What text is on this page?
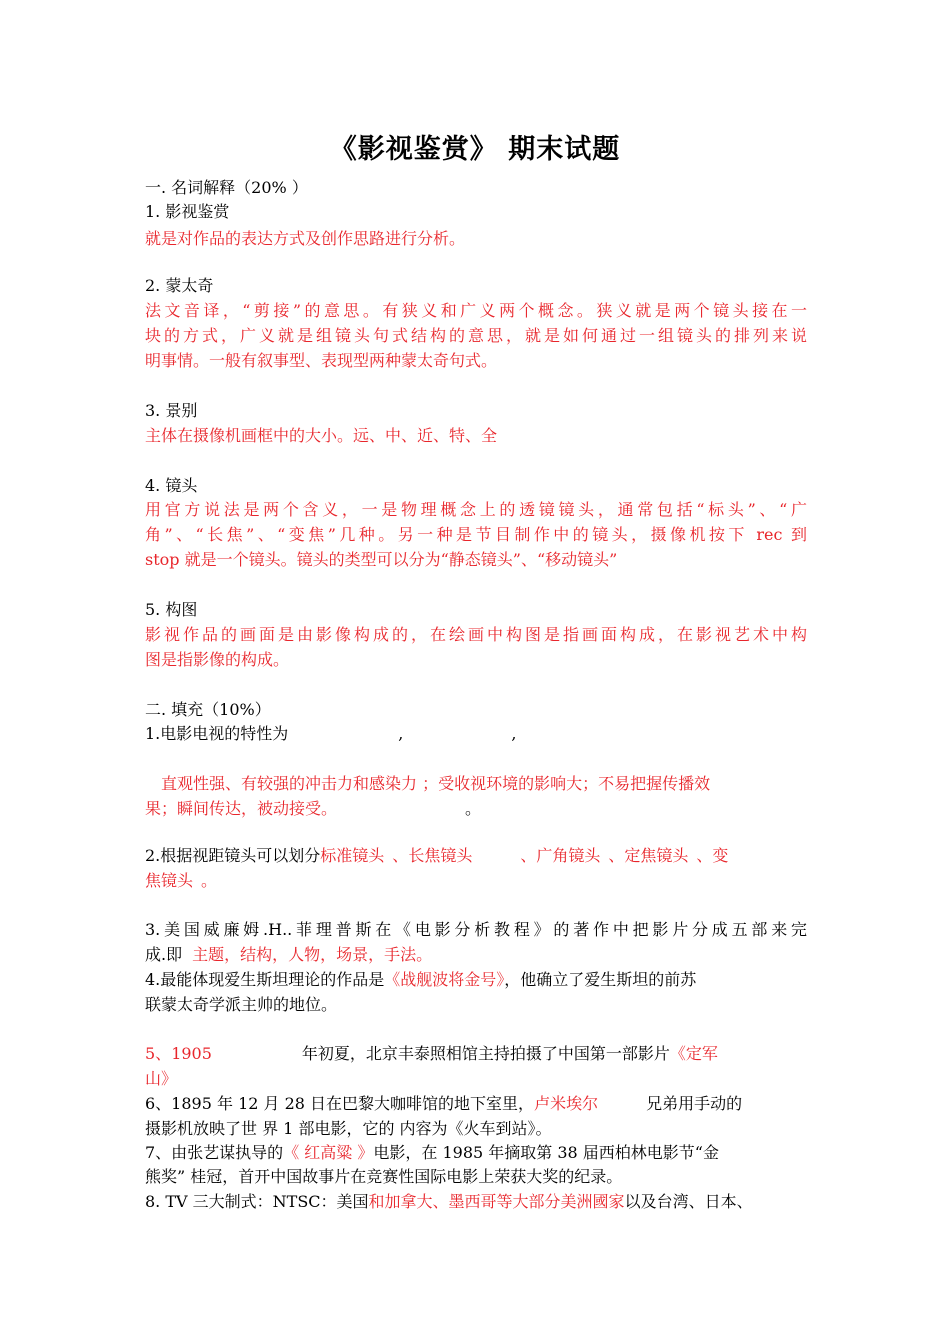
《影视鉴赏》 期末试题
一. 名词解释（20% ）
1. 影视鉴赏
就是对作品的表达方式及创作思路进行分析。
2. 蒙太奇
法文音译，“剪接”的意思。有狭义和广义两个概念。狭义就是两个镜头接在一
块的方式，广义就是组镜头句式结构的意思，就是如何通过一组镜头的排列来说
明事情。一般有叙事型、表现型两种蒙太奇句式。
3. 景别
主体在摄像机画框中的大小。远、中、近、特、全
4. 镜头
用官方说法是两个含义，一是物理概念上的透镜镜头，通常包括“标头”、“广
角”、“长焦”、“变焦”几种。另一种是节目制作中的镜头，摄像机按下 rec 到
stop 就是一个镜头。镜头的类型可以分为“静态镜头”、“移动镜头”
5. 构图
影视作品的画面是由影像构成的，在绘画中构图是指画面构成，在影视艺术中构
图是指影像的构成。
二. 填充（10%）
1.电影电视的特性为	,	,
直观性强、有较强的冲击力和感染力 ；受收视环境的影响大；不易把握传播效
果；瞬间传达，被动接受。	。
2.根据视距镜头可以划分标准镜头 、长焦镜头	、广角镜头 、定焦镜头 、变
焦镜头 。
3.美国威廉姆.H..菲理普斯在《电影分析教程》的著作中把影片分成五部来完
成.即 主题，结构，人物，场景，手法。
4.最能体现爱生斯坦理论的作品是《战舰波将金号》，他确立了爱生斯坦的前苏
联蒙太奇学派主帅的地位。
5、1905	年初夏，北京丰泰照相馆主持拍摄了中国第一部影片《定军
山》
6、1895 年 12 月 28 日在巴黎大咖啡馆的地下室里，卢米埃尔	兄弟用手动的
摄影机放映了世 界 1 部电影，它的 内容为《火车到站》。
7、由张艺谋执导的《 红高粱 》电影，在 1985 年摘取第 38 届西柏林电影节“金
熊奖” 桂冠，首开中国故事片在竞赛性国际电影上荣获大奖的纪录。
8. TV 三大制式：NTSC：美国和加拿大、墨西哥等大部分美洲國家以及台湾、日本、
